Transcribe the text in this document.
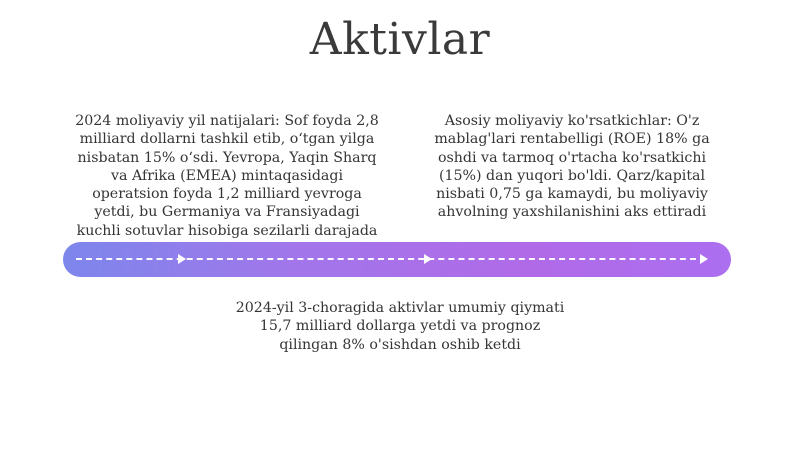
Aktivlar
2024 moliyaviy yil natijalari: Sof foyda 2,8 milliard dollarni tashkil etib, o‘tgan yilga nisbatan 15% o‘sdi. Yevropa, Yaqin Sharq va Afrika (EMEA) mintaqasidagi operatsion foyda 1,2 milliard yevroga yetdi, bu Germaniya va Fransiyadagi kuchli sotuvlar hisobiga sezilarli darajada
Asosiy moliyaviy ko'rsatkichlar: O'z mablag'lari rentabelligi (ROE) 18% ga oshdi va tarmoq o'rtacha ko'rsatkichi (15%) dan yuqori bo'ldi. Qarz/kapital nisbati 0,75 ga kamaydi, bu moliyaviy ahvolning yaxshilanishini aks ettiradi
2024-yil 3-choragida aktivlar umumiy qiymati 15,7 milliard dollarga yetdi va prognoz qilingan 8% o'sishdan oshib ketdi
